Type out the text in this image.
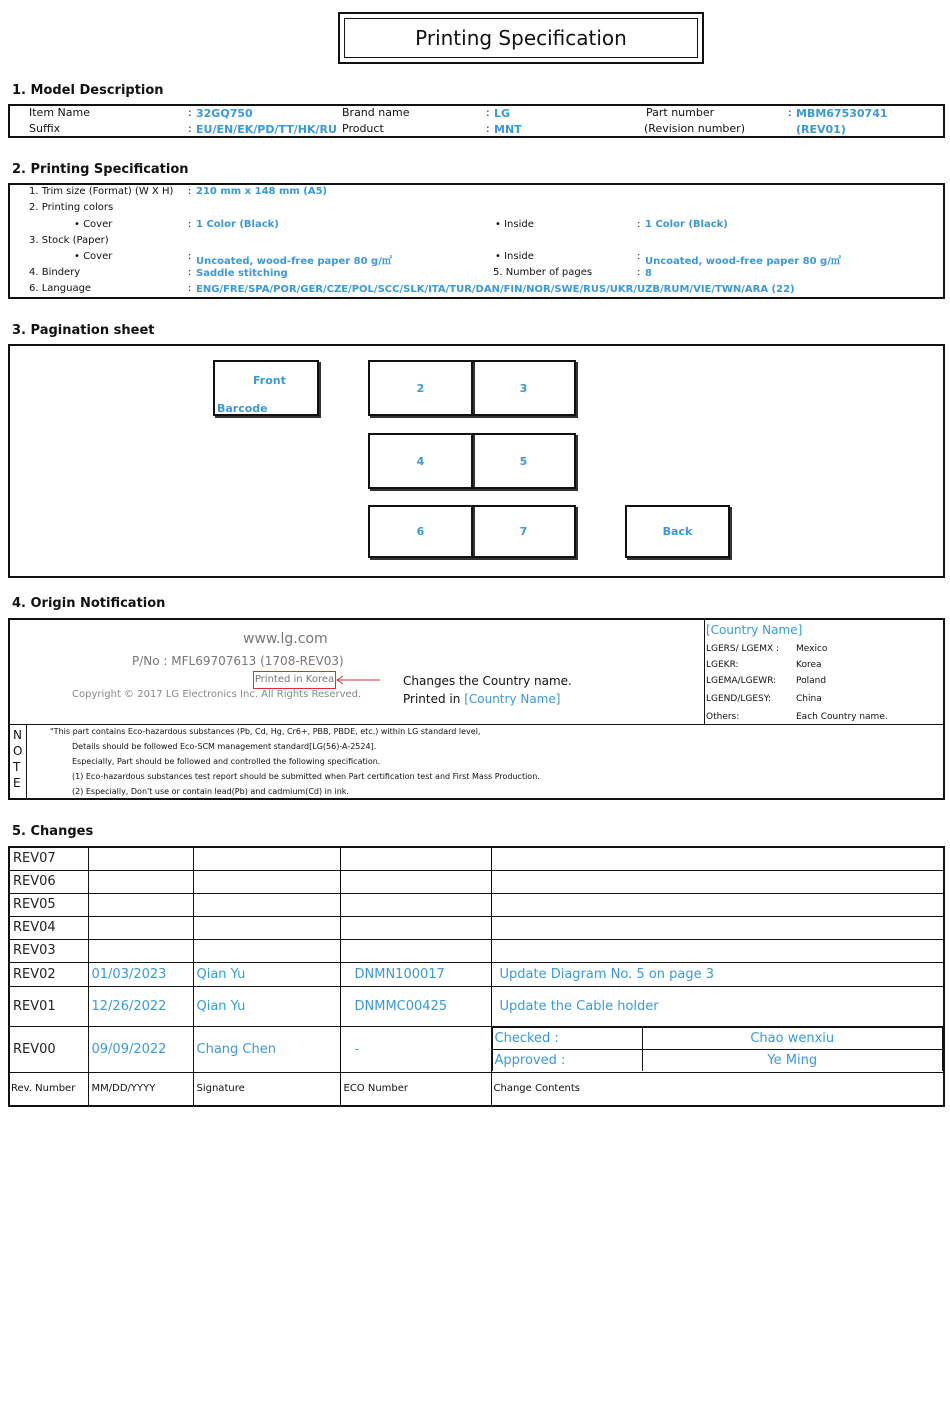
Printing Specification
1. Model Description
Item Name	: 32GQ750	Brand name	: LG	Part number	: MBM67530741
Suffix	: EU/EN/EK/PD/TT/HK/RU Product	: MNT	(Revision number)	(REV01)
2. Printing Specification
1. Trim size (Format) (W X H) : 210 mm x 148 mm (A5)
2. Printing colors
• Cover	: 1 Color (Black)	• Inside	: 1 Color (Black)
3. Stock (Paper)
• Cover	: Uncoated, wood-free paper 80 g/㎡	• Inside	: Uncoated, wood-free paper 80 g/㎡
4. Bindery	: Saddle stitching	5. Number of pages	: 8
6. Language	: ENG/FRE/SPA/POR/GER/CZE/POL/SCC/SLK/ITA/TUR/DAN/FIN/NOR/SWE/RUS/UKR/UZB/RUM/VIE/TWN/ARA (22)
3. Pagination sheet
Front
Barcode
2	3
4	5
6	7	Back
4. Origin Notification
www.lg.com
P/No : MFL69707613 (1708-REV03)
Printed in Korea
Copyright © 2017 LG Electronics Inc. All Rights Reserved.
Changes the Country name.
Printed in [Country Name]
[Country Name]
LGERS/ LGEMX : Mexico
LGEKR:	Korea
LGEMA/LGEWR: Poland
LGEND/LGESY:	China
Others:	Each Country name.
N
O
T
E
"This part contains Eco-hazardous substances (Pb, Cd, Hg, Cr6+, PBB, PBDE, etc.) within LG standard level,
Details should be followed Eco-SCM management standard[LG(56)-A-2524].
Especially, Part should be followed and controlled the following specification.
(1) Eco-hazardous substances test report should be submitted when Part certification test and First Mass Production.
(2) Especially, Don't use or contain lead(Pb) and cadmium(Cd) in ink.
5. Changes
REV07				
REV06				
REV05				
REV04				
REV03				
REV02	01/03/2023	Qian Yu	DNMN100017	Update Diagram No. 5 on page 3
REV01	12/26/2022	Qian Yu	DNMMC00425	Update the Cable holder
REV00	09/09/2022	Chang Chen	-	
Checked :	Chao wenxiu
Approved :	Ye Ming

Rev. Number	MM/DD/YYYY	Signature	ECO Number	Change Contents
